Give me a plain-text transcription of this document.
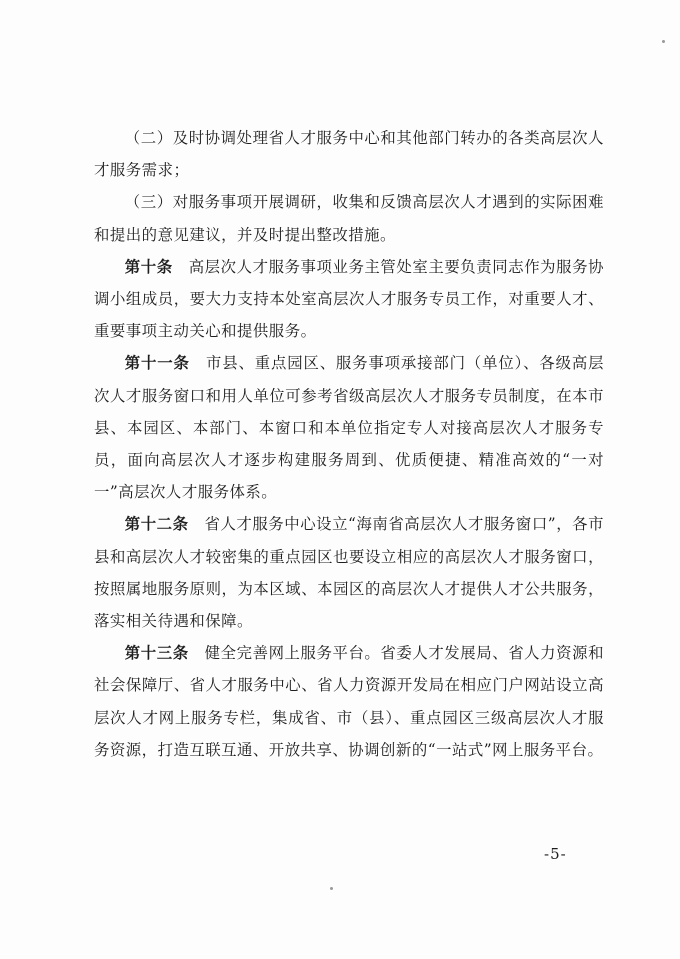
（二）及时协调处理省人才服务中心和其他部门转办的各类高层次人才服务需求；

（三）对服务事项开展调研，收集和反馈高层次人才遇到的实际困难和提出的意见建议，并及时提出整改措施。

第十条　高层次人才服务事项业务主管处室主要负责同志作为服务协调小组成员，要大力支持本处室高层次人才服务专员工作，对重要人才、重要事项主动关心和提供服务。

第十一条　市县、重点园区、服务事项承接部门（单位）、各级高层次人才服务窗口和用人单位可参考省级高层次人才服务专员制度，在本市县、本园区、本部门、本窗口和本单位指定专人对接高层次人才服务专员，面向高层次人才逐步构建服务周到、优质便捷、精准高效的“一对一”高层次人才服务体系。

第十二条　省人才服务中心设立“海南省高层次人才服务窗口”，各市县和高层次人才较密集的重点园区也要设立相应的高层次人才服务窗口，按照属地服务原则，为本区域、本园区的高层次人才提供人才公共服务，落实相关待遇和保障。

第十三条　健全完善网上服务平台。省委人才发展局、省人力资源和社会保障厅、省人才服务中心、省人力资源开发局在相应门户网站设立高层次人才网上服务专栏，集成省、市（县）、重点园区三级高层次人才服务资源，打造互联互通、开放共享、协调创新的“一站式”网上服务平台。

-5-
